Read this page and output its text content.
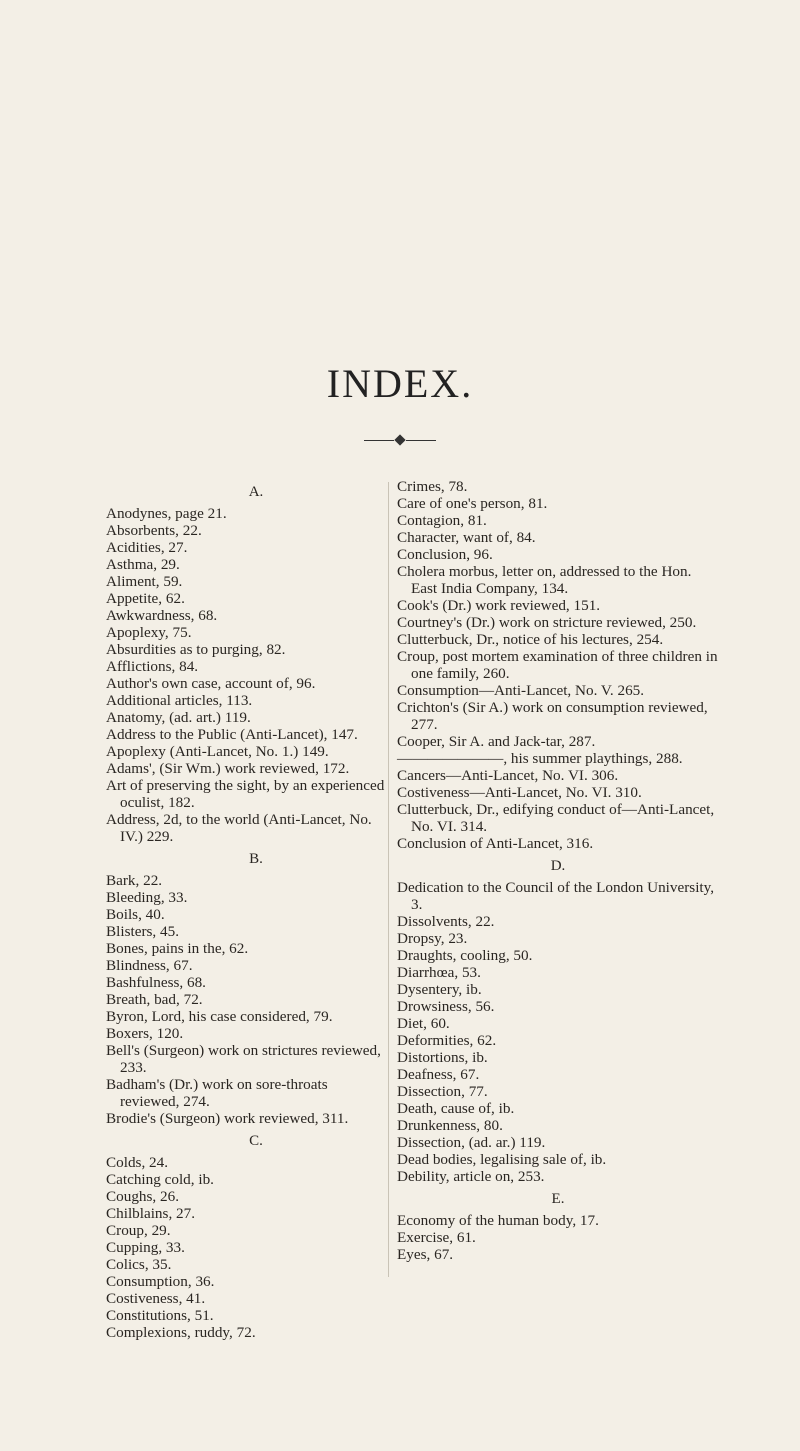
INDEX.
A.

Anodynes, page 21.

Absorbents, 22.

Acidities, 27.

Asthma, 29.

Aliment, 59.

Appetite, 62.

Awkwardness, 68.

Apoplexy, 75.

Absurdities as to purging, 82.

Afflictions, 84.

Author's own case, account of, 96.

Additional articles, 113.

Anatomy, (ad. art.) 119.

Address to the Public (Anti-Lancet), 147.

Apoplexy (Anti-Lancet, No. 1.) 149.

Adams', (Sir Wm.) work reviewed, 172.

Art of preserving the sight, by an experienced oculist, 182.

Address, 2d, to the world (Anti-Lancet, No. IV.) 229.

B.

Bark, 22.

Bleeding, 33.

Boils, 40.

Blisters, 45.

Bones, pains in the, 62.

Blindness, 67.

Bashfulness, 68.

Breath, bad, 72.

Byron, Lord, his case considered, 79.

Boxers, 120.

Bell's (Surgeon) work on strictures reviewed, 233.

Badham's (Dr.) work on sore-throats reviewed, 274.

Brodie's (Surgeon) work reviewed, 311.

C.

Colds, 24.

Catching cold, ib.

Coughs, 26.

Chilblains, 27.

Croup, 29.

Cupping, 33.

Colics, 35.

Consumption, 36.

Costiveness, 41.

Constitutions, 51.

Complexions, ruddy, 72.

Crimes, 78.

Care of one's person, 81.

Contagion, 81.

Character, want of, 84.

Conclusion, 96.

Cholera morbus, letter on, addressed to the Hon. East India Company, 134.

Cook's (Dr.) work reviewed, 151.

Courtney's (Dr.) work on stricture reviewed, 250.

Clutterbuck, Dr., notice of his lectures, 254.

Croup, post mortem examination of three children in one family, 260.

Consumption—Anti-Lancet, No. V. 265.

Crichton's (Sir A.) work on consumption reviewed, 277.

Cooper, Sir A. and Jack-tar, 287.

———————, his summer playthings, 288.

Cancers—Anti-Lancet, No. VI. 306.

Costiveness—Anti-Lancet, No. VI. 310.

Clutterbuck, Dr., edifying conduct of—Anti-Lancet, No. VI. 314.

Conclusion of Anti-Lancet, 316.

D.

Dedication to the Council of the London University, 3.

Dissolvents, 22.

Dropsy, 23.

Draughts, cooling, 50.

Diarrhœa, 53.

Dysentery, ib.

Drowsiness, 56.

Diet, 60.

Deformities, 62.

Distortions, ib.

Deafness, 67.

Dissection, 77.

Death, cause of, ib.

Drunkenness, 80.

Dissection, (ad. ar.) 119.

Dead bodies, legalising sale of, ib.

Debility, article on, 253.

E.

Economy of the human body, 17.

Exercise, 61.

Eyes, 67.
